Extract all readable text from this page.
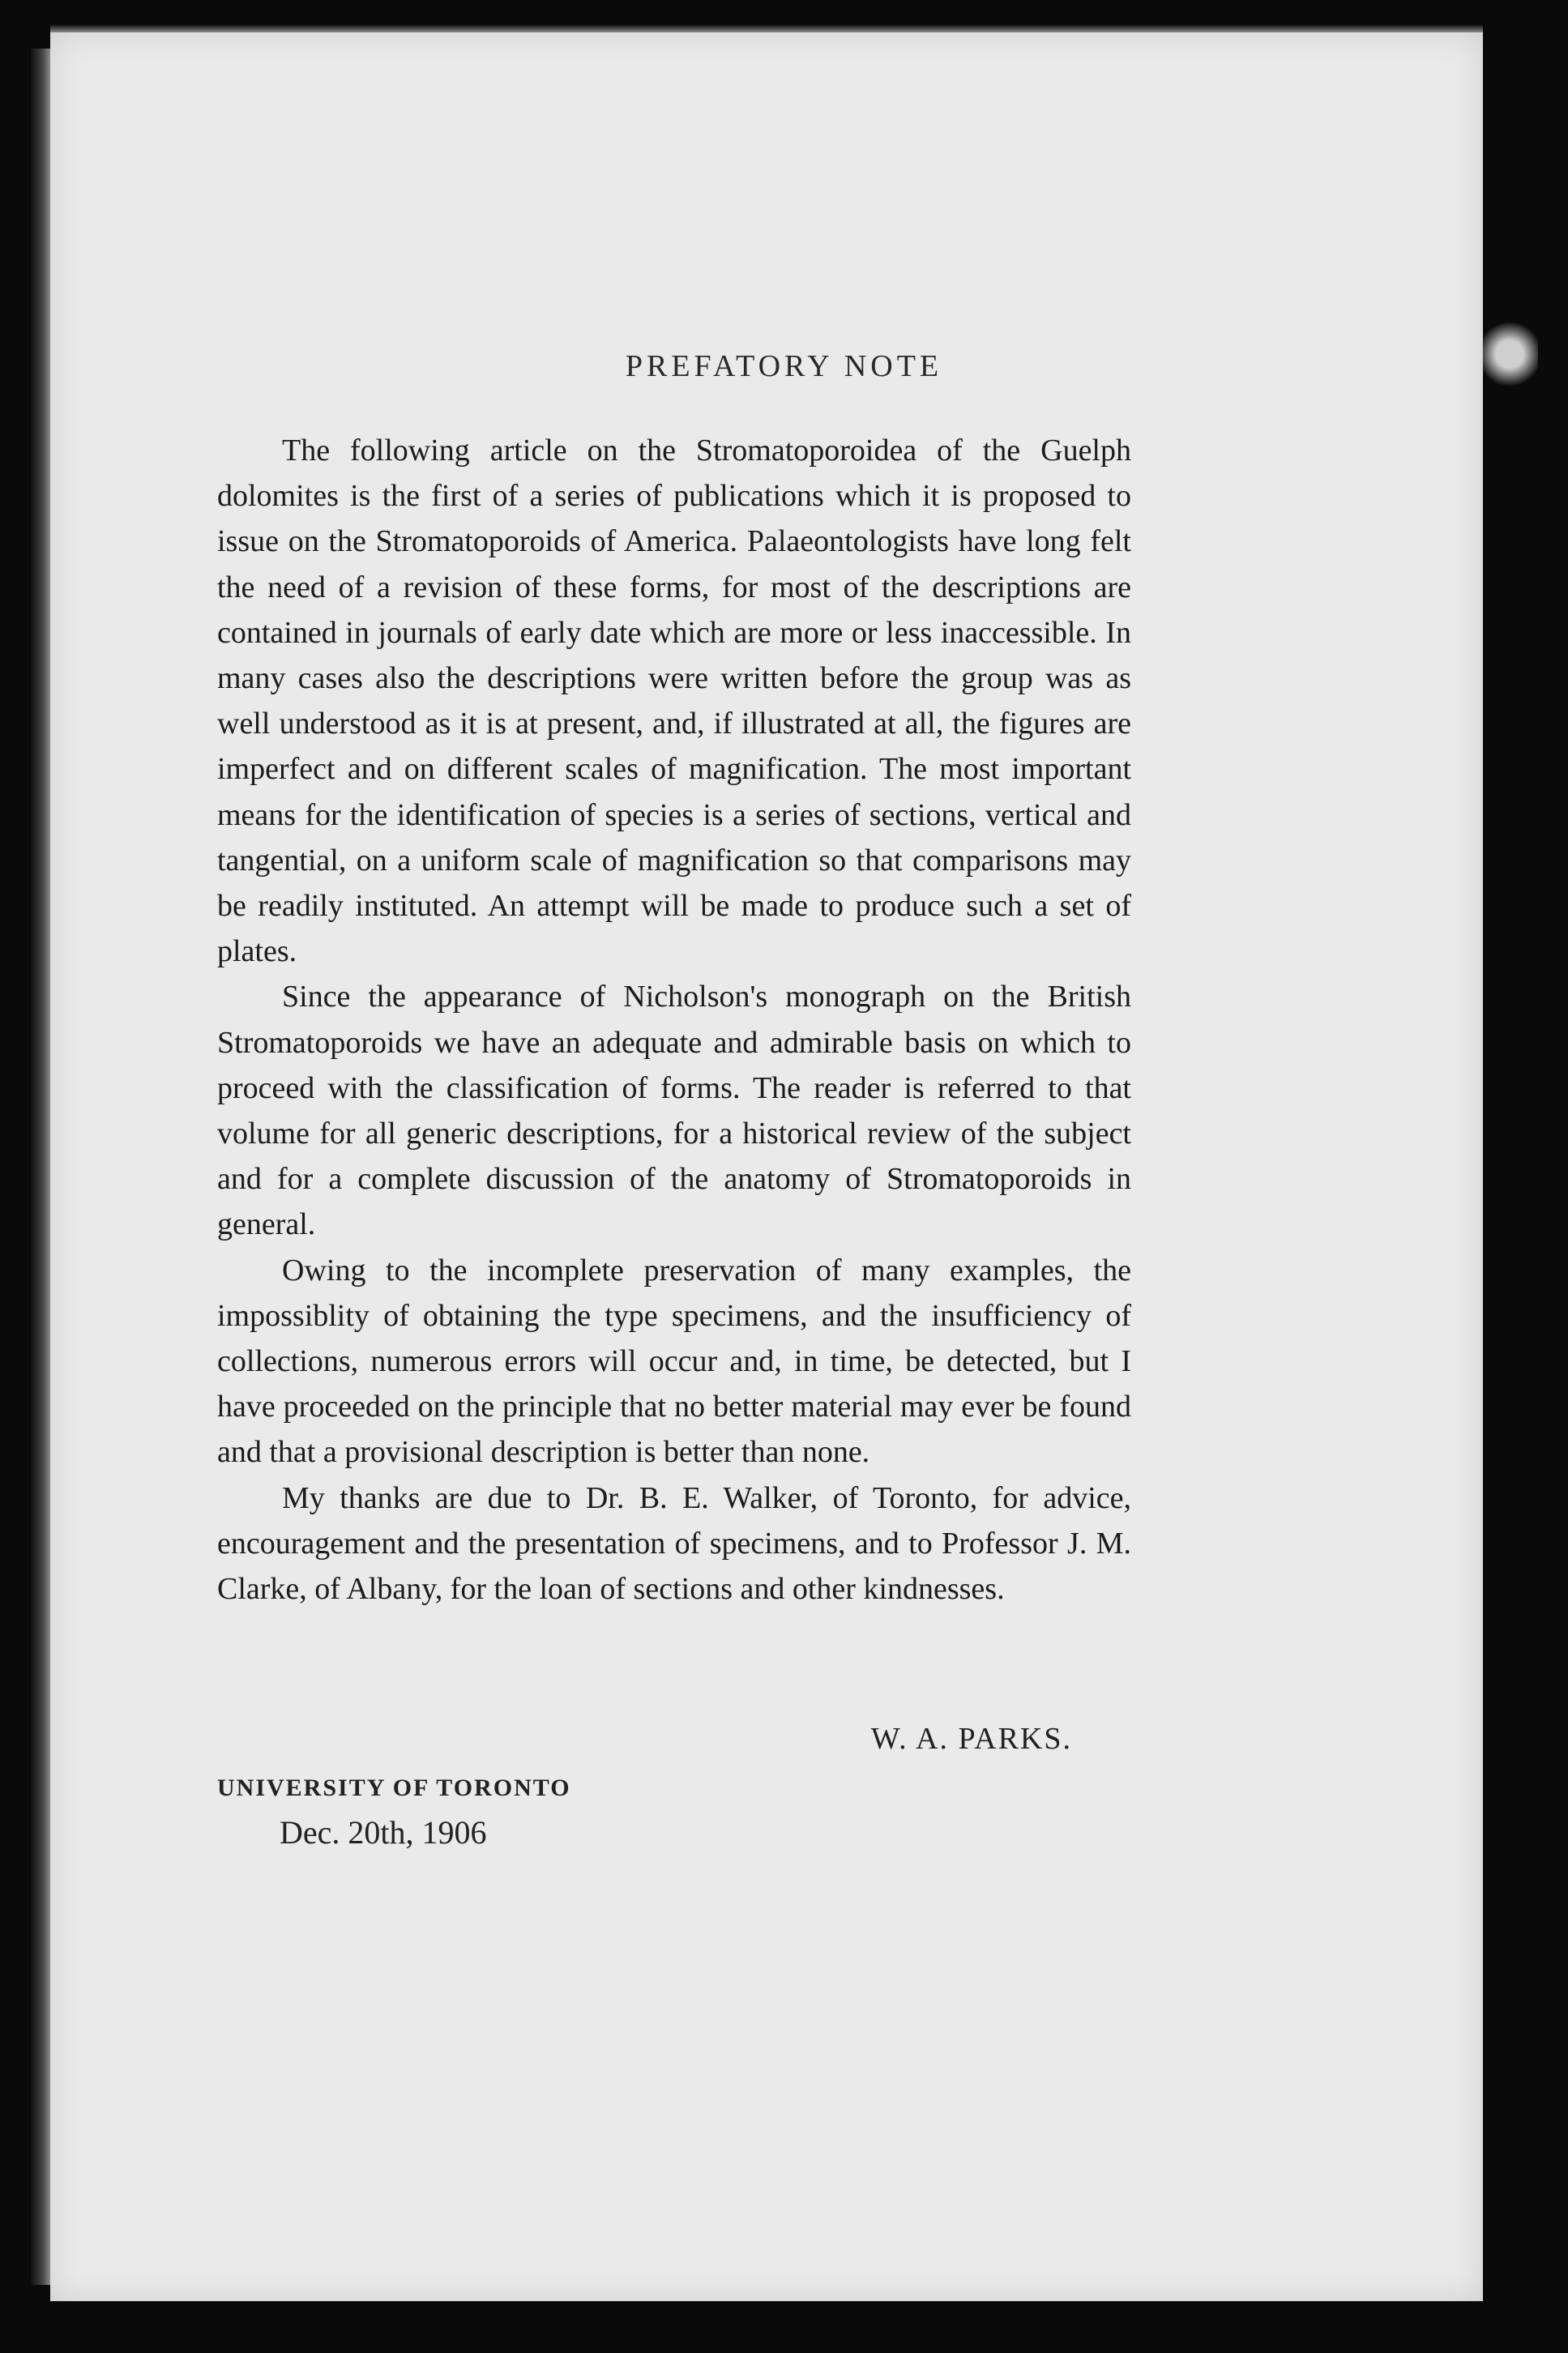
PREFATORY NOTE

The following article on the Stromatoporoidea of the Guelph dolomites is the first of a series of publications which it is proposed to issue on the Stromatoporoids of America. Palaeontologists have long felt the need of a revision of these forms, for most of the descriptions are contained in journals of early date which are more or less inaccessible. In many cases also the descriptions were written before the group was as well understood as it is at present, and, if illustrated at all, the figures are imperfect and on different scales of magnification. The most important means for the identification of species is a series of sections, vertical and tangential, on a uniform scale of magnification so that comparisons may be readily instituted. An attempt will be made to produce such a set of plates.

Since the appearance of Nicholson's monograph on the British Stromatoporoids we have an adequate and admirable basis on which to proceed with the classification of forms. The reader is referred to that volume for all generic descriptions, for a historical review of the subject and for a complete discussion of the anatomy of Stromatoporoids in general.

Owing to the incomplete preservation of many examples, the impossiblity of obtaining the type specimens, and the insufficiency of collections, numerous errors will occur and, in time, be detected, but I have proceeded on the principle that no better material may ever be found and that a provisional description is better than none.

My thanks are due to Dr. B. E. Walker, of Toronto, for advice, encouragement and the presentation of specimens, and to Professor J. M. Clarke, of Albany, for the loan of sections and other kindnesses.

W. A. PARKS.
UNIVERSITY OF TORONTO
Dec. 20th, 1906
